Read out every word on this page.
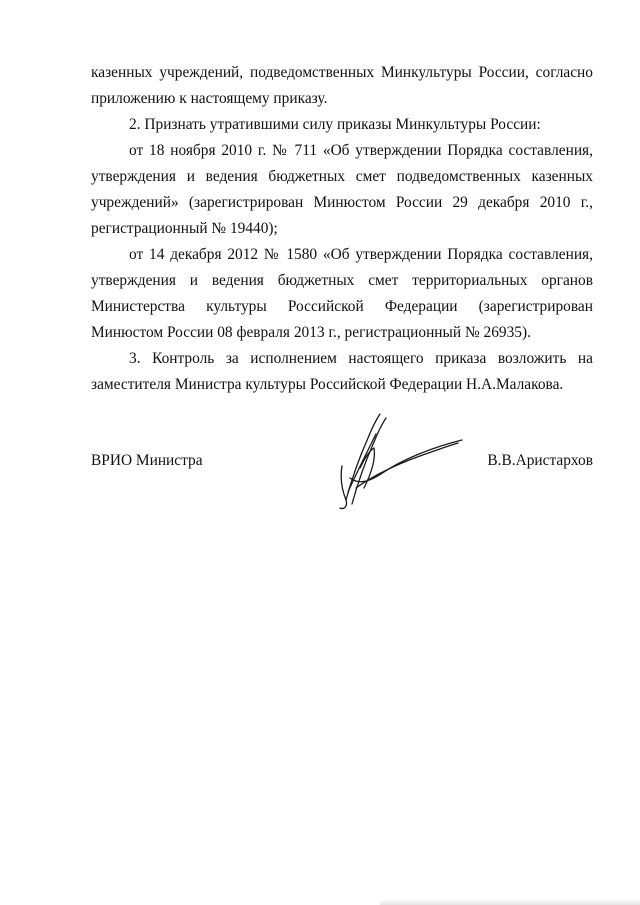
казенных учреждений, подведомственных Минкультуры России, согласно приложению к настоящему приказу.

2. Признать утратившими силу приказы Минкультуры России:

от 18 ноября 2010 г. № 711 «Об утверждении Порядка составления, утверждения и ведения бюджетных смет подведомственных казенных учреждений» (зарегистрирован Минюстом России 29 декабря 2010 г., регистрационный № 19440);

от 14 декабря 2012 № 1580 «Об утверждении Порядка составления, утверждения и ведения бюджетных смет территориальных органов Министерства культуры Российской Федерации (зарегистрирован Минюстом России 08 февраля 2013 г., регистрационный № 26935).

3. Контроль за исполнением настоящего приказа возложить на заместителя Министра культуры Российской Федерации Н.А.Малакова.

ВРИО Министра	В.В.Аристархов
